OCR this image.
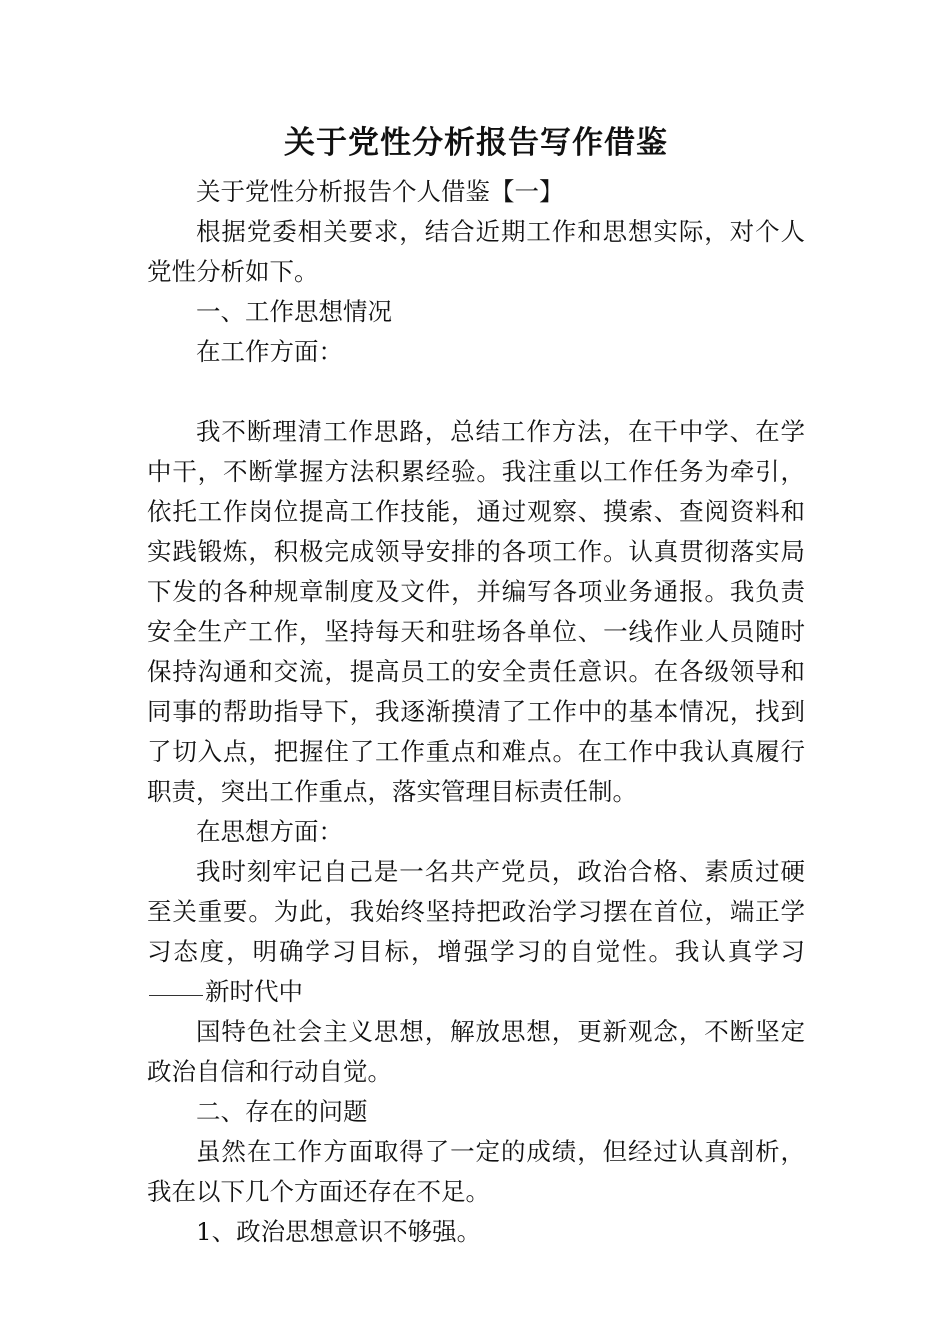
关于党性分析报告写作借鉴

关于党性分析报告个人借鉴【一】

根据党委相关要求，结合近期工作和思想实际，对个人党性分析如下。

一、工作思想情况

在工作方面：

我不断理清工作思路，总结工作方法，在干中学、在学中干，不断掌握方法积累经验。我注重以工作任务为牵引，依托工作岗位提高工作技能，通过观察、摸索、查阅资料和实践锻炼，积极完成领导安排的各项工作。认真贯彻落实局下发的各种规章制度及文件，并编写各项业务通报。我负责安全生产工作，坚持每天和驻场各单位、一线作业人员随时保持沟通和交流，提高员工的安全责任意识。在各级领导和同事的帮助指导下，我逐渐摸清了工作中的基本情况，找到了切入点，把握住了工作重点和难点。在工作中我认真履行职责，突出工作重点，落实管理目标责任制。

在思想方面：

我时刻牢记自己是一名共产党员，政治合格、素质过硬至关重要。为此，我始终坚持把政治学习摆在首位，端正学习态度，明确学习目标，增强学习的自觉性。我认真学习新时代中

国特色社会主义思想，解放思想，更新观念，不断坚定政治自信和行动自觉。

二、存在的问题

虽然在工作方面取得了一定的成绩，但经过认真剖析，我在以下几个方面还存在不足。

1、政治思想意识不够强。
